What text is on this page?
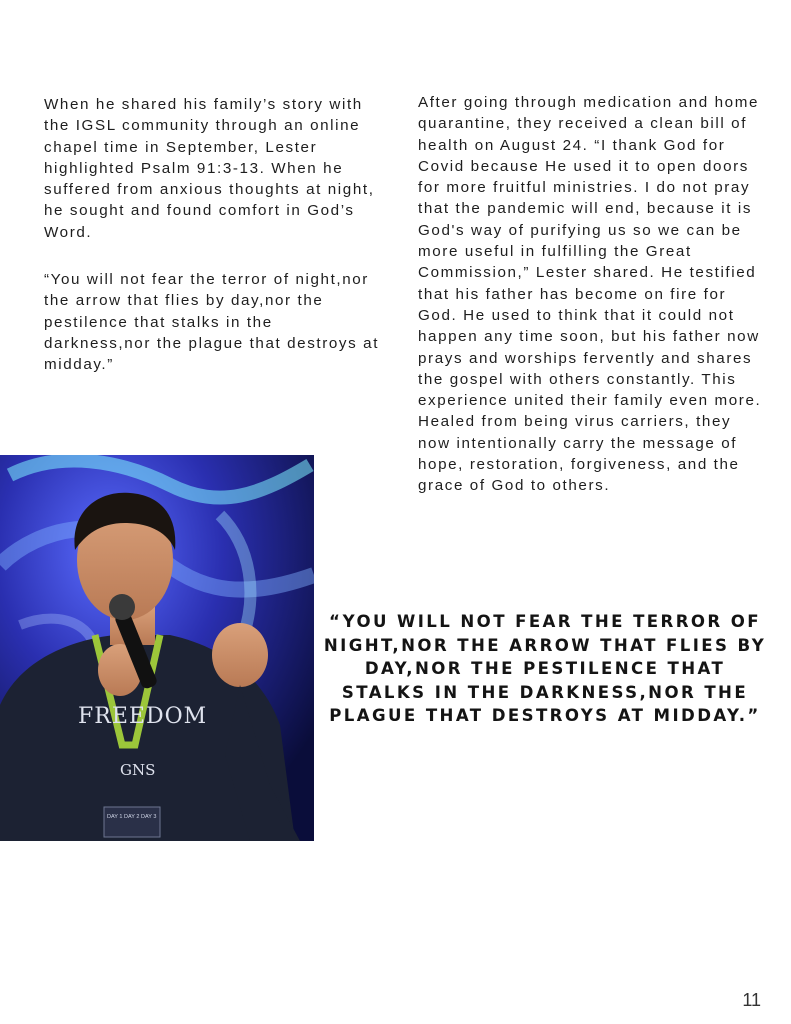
When he shared his family’s story with the IGSL community through an online chapel time in September, Lester highlighted Psalm 91:3-13. When he suffered from anxious thoughts at night, he sought and found comfort in God’s Word.

“You will not fear the terror of night,nor the arrow that flies by day,nor the pestilence that stalks in the darkness,nor the plague that destroys at midday.”

After going through medication and home quarantine, they received a clean bill of health on August 24. “I thank God for Covid because He used it to open doors for more fruitful ministries. I do not pray that the pandemic will end, because it is God's way of purifying us so we can be more useful in fulfilling the Great Commission,” Lester shared. He testified that his father has become on fire for God. He used to think that it could not happen any time soon, but his father now prays and worships fervently and shares the gospel with others constantly. This experience united their family even more. Healed from being virus carriers, they now intentionally carry the message of hope, restoration, forgiveness, and the grace of God to others.

FREEDOM
GNS
DAY 1 DAY 2 DAY 3
“YOU WILL NOT FEAR THE TERROR OF NIGHT,NOR THE ARROW THAT FLIES BY DAY,NOR THE PESTILENCE THAT STALKS IN THE DARKNESS,NOR THE PLAGUE THAT DESTROYS AT MIDDAY.”
11
